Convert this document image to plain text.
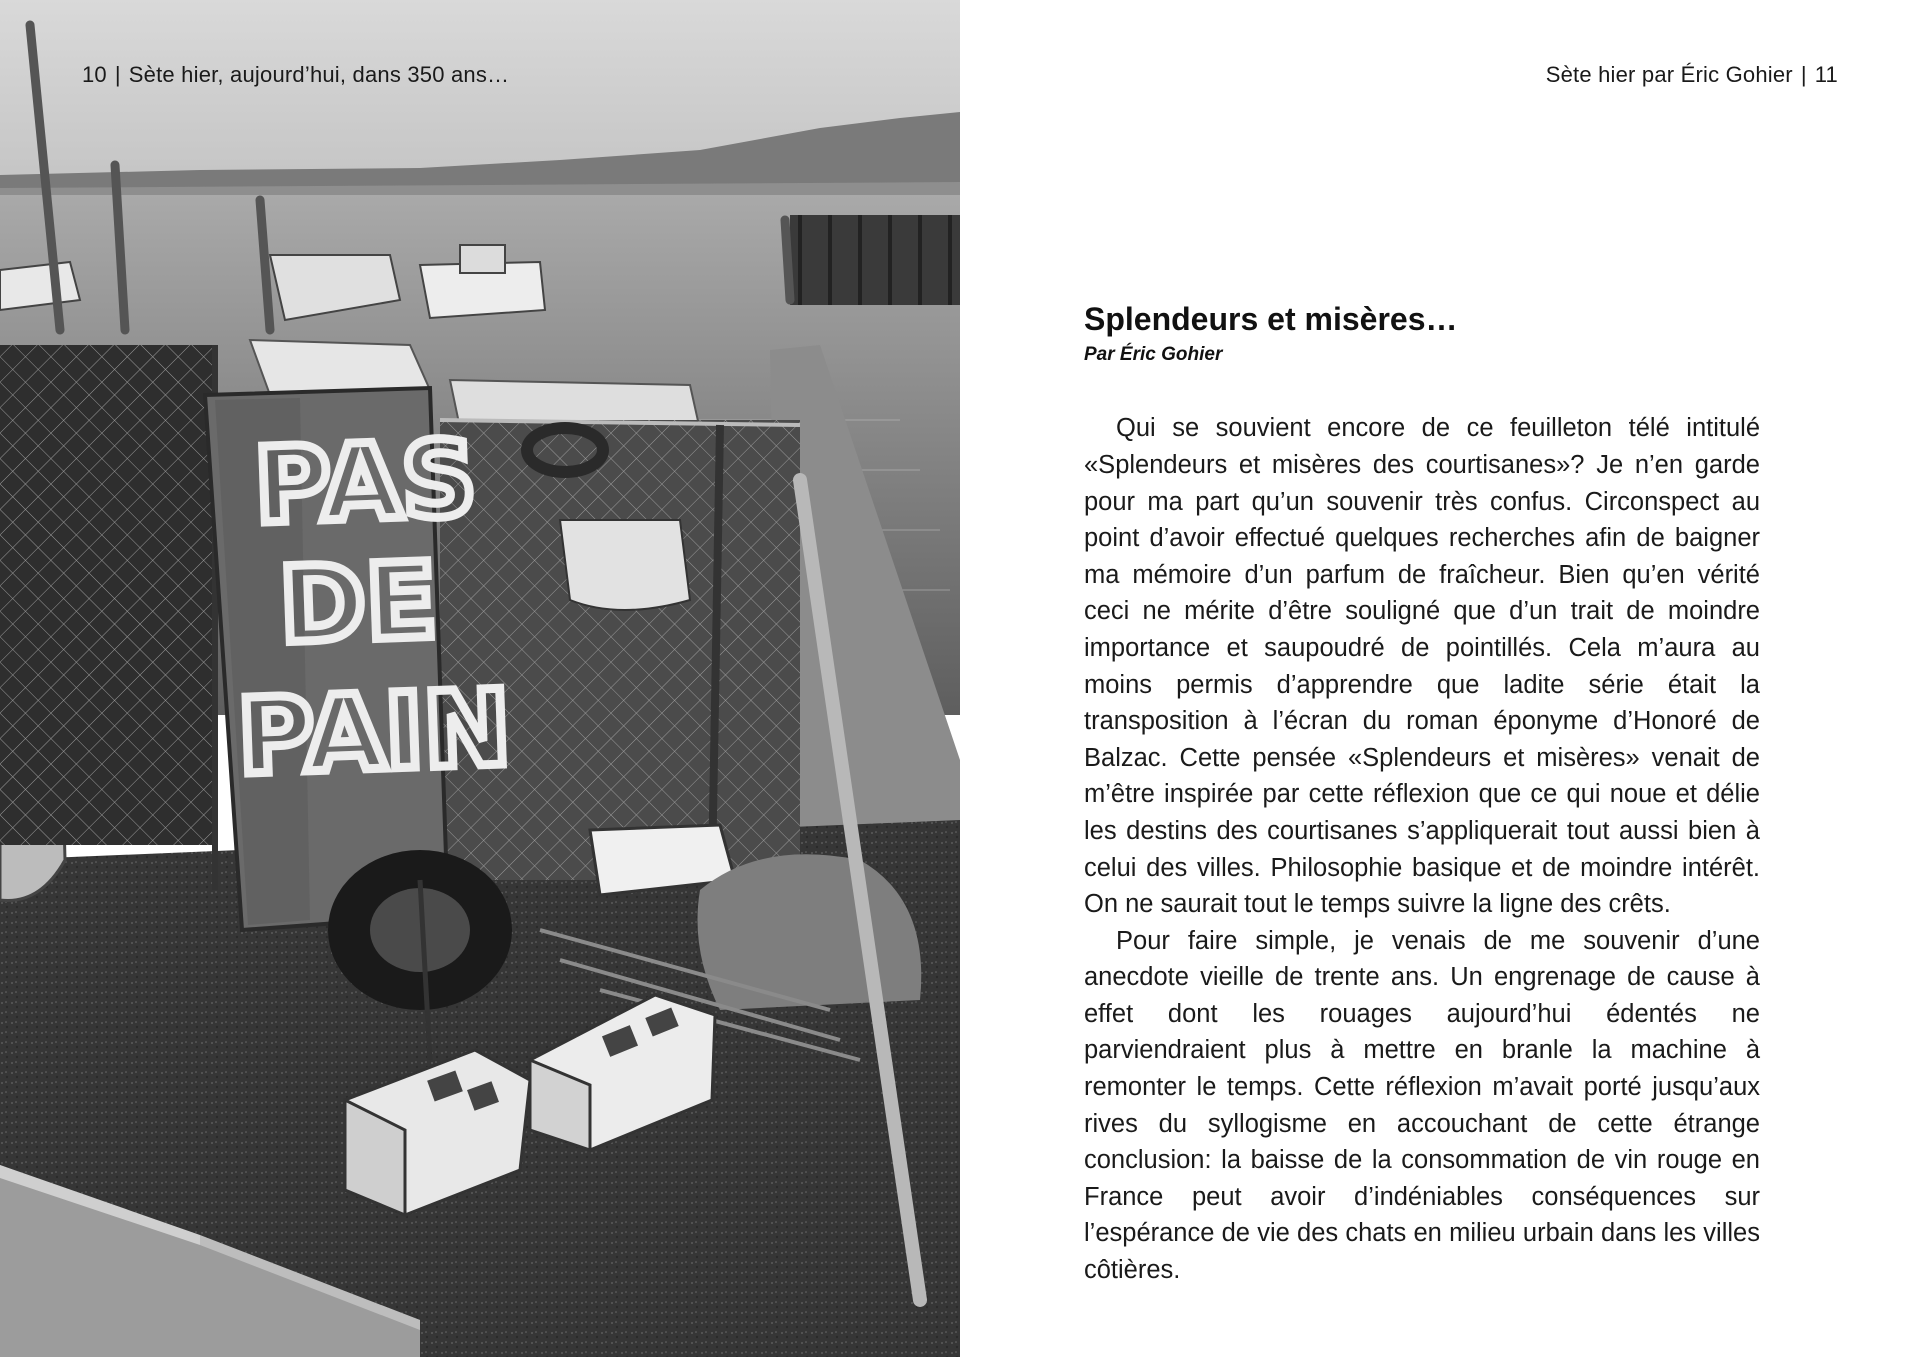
PAS
DE
PAIN
10 | Sète hier, aujourd’hui, dans 350 ans…	Sète hier par Éric Gohier | 11
Splendeurs et misères…

Par Éric Gohier

Qui se souvient encore de ce feuilleton télé intitulé «Splendeurs et misères des courtisanes»? Je n’en garde pour ma part qu’un souvenir très confus. Circonspect au point d’avoir effectué quelques recherches afin de baigner ma mémoire d’un parfum de fraîcheur. Bien qu’en vérité ceci ne mérite d’être souligné que d’un trait de moindre importance et saupoudré de pointillés. Cela m’aura au moins permis d’apprendre que ladite série était la transposition à l’écran du roman éponyme d’Honoré de Balzac. Cette pensée «Splendeurs et misères» venait de m’être inspirée par cette réflexion que ce qui noue et délie les destins des courtisanes s’appliquerait tout aussi bien à celui des villes. Philosophie basique et de moindre intérêt. On ne saurait tout le temps suivre la ligne des crêts.

Pour faire simple, je venais de me souvenir d’une anecdote vieille de trente ans. Un engrenage de cause à effet dont les rouages aujourd’hui édentés ne parviendraient plus à mettre en branle la machine à remonter le temps. Cette réflexion m’avait porté jusqu’aux rives du syllogisme en accouchant de cette étrange conclusion: la baisse de la consommation de vin rouge en France peut avoir d’indéniables conséquences sur l’espérance de vie des chats en milieu urbain dans les villes côtières.
